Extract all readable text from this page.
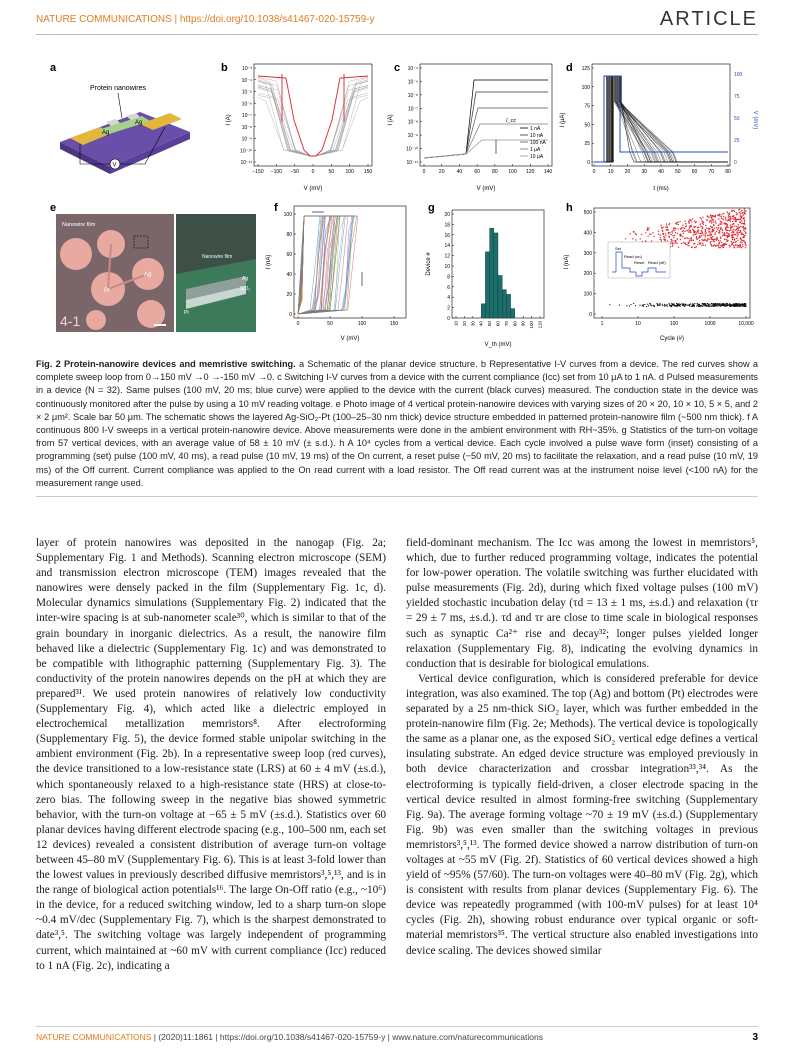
NATURE COMMUNICATIONS | https://doi.org/10.1038/s41467-020-15759-y	ARTICLE
a
Protein nanowires
Ag
Ag
V
b
I (A)
V (mV)
10⁻³
10⁻⁴
10⁻⁵
10⁻⁶
10⁻⁷
10⁻⁸
10⁻⁹
10⁻¹⁰
10⁻¹¹
−150 −100 −50	0	50 100 150
c
I (A)
V (mV)
I_cc
10⁻⁴
10⁻⁵
10⁻⁶
10⁻⁷
10⁻⁸
10⁻⁹
10⁻¹⁰
10⁻¹¹
0	20 40 60 80 100 120 140
1 nA
10 nA
100 nA
1 μA
10 μA
d
I (μA)	V (mV)
t (ms)
125
100
75
50
25
0
100
75
50
25
0
0	10 20 30 40 50 60 70 80
e
Nanowire film
Pt
Ag
4-1
Nanowire film
Ag
SiO₂
Pt
f
I (nA)
V (mV)
100
80
60
40
20
0
0	50	100	150
g
Device #
V_th (mV)
20
18
16
14
12
10
8
6
4
2
0
10 20 30 40 50 60 70 80 90 100 110
h
I (nA)
Cycle (#)
500
400
300
200
100
0
1	10	100	1000	10,000
Set
Read (on)
Reset Read (off)
Fig. 2 Protein-nanowire devices and memristive switching. a Schematic of the planar device structure. b Representative I-V curves from a device. The red curves show a complete sweep loop from 0→150 mV →0 →-150 mV →0. c Switching I-V curves from a device with the current compliance (Icc) set from 10 μA to 1 nA. d Pulsed measurements in a device (N = 32). Same pulses (100 mV, 20 ms; blue curve) were applied to the device with the current (black curves) measured. The conduction state in the device was continuously monitored after the pulse by using a 10 mV reading voltage. e Photo image of 4 vertical protein-nanowire devices with varying sizes of 20 × 20, 10 × 10, 5 × 5, and 2 × 2 μm². Scale bar 50 μm. The schematic shows the layered Ag-SiO₂-Pt (100–25–30 nm thick) device structure embedded in patterned protein-nanowire film (~500 nm thick). f A continuous 800 I-V sweeps in a vertical protein-nanowire device. Above measurements were done in the ambient environment with RH~35%. g Statistics of the turn-on voltage from 57 vertical devices, with an average value of 58 ± 10 mV (± s.d.). h A 10⁴ cycles from a vertical device. Each cycle involved a pulse wave form (inset) consisting of a programming (set) pulse (100 mV, 40 ms), a read pulse (10 mV, 19 ms) of the On current, a reset pulse (−50 mV, 20 ms) to facilitate the relaxation, and a read pulse (10 mV, 19 ms) of the Off current. Current compliance was applied to the On read current with a load resistor. The Off read current was at the instrument noise level (<100 nA) for the measurement range used.

layer of protein nanowires was deposited in the nanogap (Fig. 2a; Supplementary Fig. 1 and Methods). Scanning electron microscope (SEM) and transmission electron microscope (TEM) images revealed that the nanowires were densely packed in the film (Supplementary Fig. 1c, d). Molecular dynamics simulations (Supplementary Fig. 2) indicated that the inter-wire spacing is at sub-nanometer scale³⁰, which is similar to that of the grain boundary in inorganic dielectrics. As a result, the nanowire film behaved like a dielectric (Supplementary Fig. 1c) and was demonstrated to be compatible with lithographic patterning (Supplementary Fig. 3). The conductivity of the protein nanowires depends on the pH at which they are prepared³¹. We used protein nanowires of relatively low conductivity (Supplementary Fig. 4), which acted like a dielectric employed in electrochemical metallization memristors⁸. After electroforming (Supplementary Fig. 5), the device formed stable unipolar switching in the ambient environment (Fig. 2b). In a representative sweep loop (red curves), the device transitioned to a low-resistance state (LRS) at 60 ± 4 mV (±s.d.), which spontaneously relaxed to a high-resistance state (HRS) at close-to-zero bias. The following sweep in the negative bias showed symmetric behavior, with the turn-on voltage at −65 ± 5 mV (±s.d.). Statistics over 60 planar devices having different electrode spacing (e.g., 100–500 nm, each set 12 devices) revealed a consistent distribution of average turn-on voltage between 45–80 mV (Supplementary Fig. 6). This is at least 3-fold lower than the lowest values in previously described diffusive memristors³,⁵,¹³, and is in the range of biological action potentials¹⁶. The large On-Off ratio (e.g., ~10⁶) in the device, for a reduced switching window, led to a sharp turn-on slope ~0.4 mV/dec (Supplementary Fig. 7), which is the sharpest demonstrated to date³,⁵. The switching voltage was largely independent of programming current, which maintained at ~60 mV with current compliance (Icc) reduced to 1 nA (Fig. 2c), indicating a

field-dominant mechanism. The Icc was among the lowest in memristors⁵, which, due to further reduced programming voltage, indicates the potential for low-power operation. The volatile switching was further elucidated with pulse measurements (Fig. 2d), during which fixed voltage pulses (100 mV) yielded stochastic incubation delay (τd = 13 ± 1 ms, ±s.d.) and relaxation (τr = 29 ± 7 ms, ±s.d.). τd and τr are close to time scale in biological responses such as synaptic Ca²⁺ rise and decay³²; longer pulses yielded longer relaxation (Supplementary Fig. 8), indicating the evolving dynamics in conduction that is desirable for biological emulations.

Vertical device configuration, which is considered preferable for device integration, was also examined. The top (Ag) and bottom (Pt) electrodes were separated by a 25 nm-thick SiO₂ layer, which was further embedded in the protein-nanowire film (Fig. 2e; Methods). The vertical device is topologically the same as a planar one, as the exposed SiO₂ vertical edge defines a vertical insulating substrate. An edged device structure was employed previously in both device characterization and crossbar integration³³,³⁴. As the electroforming is typically field-driven, a closer electrode spacing in the vertical device resulted in almost forming-free switching (Supplementary Fig. 9a). The average forming voltage ~70 ± 19 mV (±s.d.) (Supplementary Fig. 9b) was even smaller than the switching voltages in previous memristors³,⁵,¹³. The formed device showed a narrow distribution of turn-on voltages at ~55 mV (Fig. 2f). Statistics of 60 vertical devices showed a high yield of ~95% (57/60). The turn-on voltages were 40–80 mV (Fig. 2g), which is consistent with results from planar devices (Supplementary Fig. 6). The device was repeatedly programmed (with 100-mV pulses) for at least 10⁴ cycles (Fig. 2h), showing robust endurance over typical organic or soft-material memristors³⁵. The vertical structure also enabled investigations into device scaling. The devices showed similar

NATURE COMMUNICATIONS | (2020)11:1861 | https://doi.org/10.1038/s41467-020-15759-y | www.nature.com/naturecommunications	3
